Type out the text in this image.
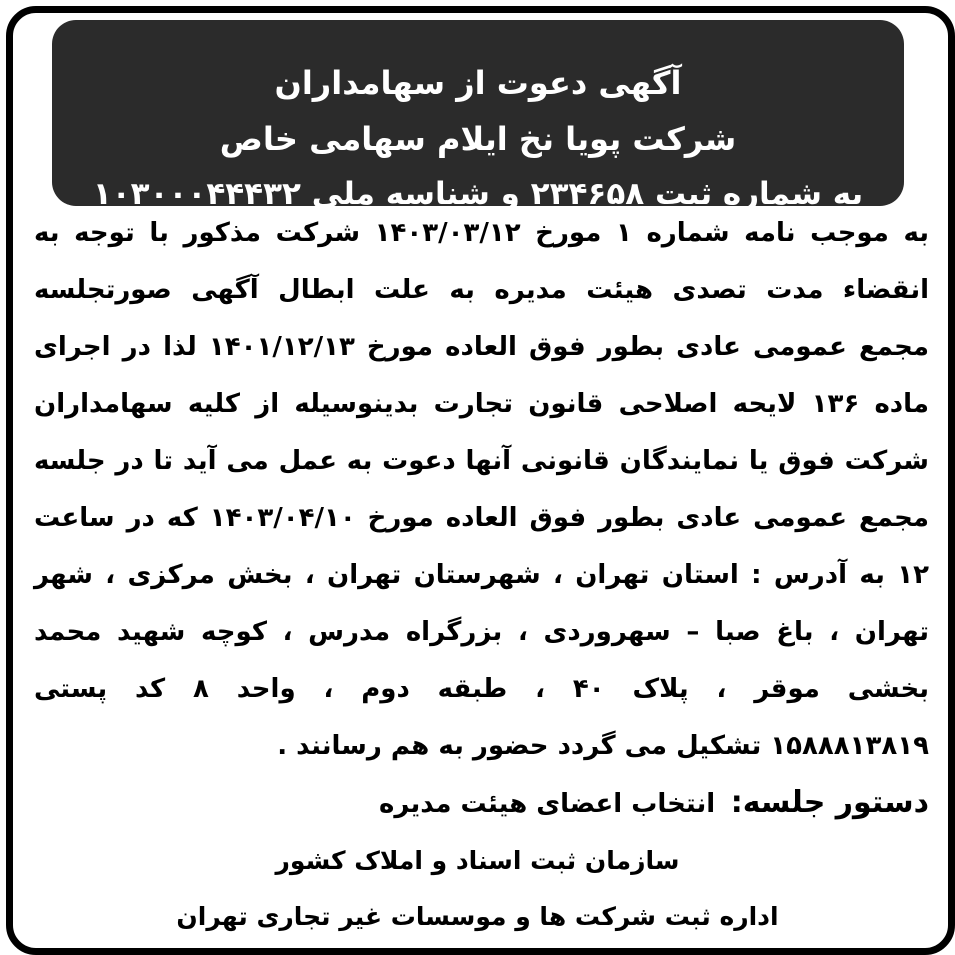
آگهی دعوت از سهامداران
شرکت پویا نخ ایلام سهامی خاص
به شماره ثبت ۲۳۴۶۵۸ و شناسه ملی ۱۰۳۰۰۰۴۴۴۳۲
به موجب نامه شماره ۱ مورخ ۱۴۰۳/۰۳/۱۲ شرکت مذکور با توجه به
انقضاء مدت تصدی هیئت مدیره به علت ابطال آگهی صورتجلسه
مجمع عمومی عادی بطور فوق العاده مورخ ۱۴۰۱/۱۲/۱۳ لذا در اجرای
ماده ۱۳۶ لایحه اصلاحی قانون تجارت بدینوسیله از کلیه سهامداران
شرکت فوق یا نمایندگان قانونی آنها دعوت به عمل می آید تا در جلسه
مجمع عمومی عادی بطور فوق العاده مورخ ۱۴۰۳/۰۴/۱۰ که در ساعت
۱۲ به آدرس : استان تهران ، شهرستان تهران ، بخش مرکزی ، شهر
تهران ، باغ صبا – سهروردی ، بزرگراه مدرس ، کوچه شهید محمد
بخشی موقر ، پلاک ۴۰ ، طبقه دوم ، واحد ۸ کد پستی
۱۵۸۸۸۱۳۸۱۹ تشکیل می گردد حضور به هم رسانند .
دستور جلسه: انتخاب اعضای هیئت مدیره
سازمان ثبت اسناد و املاک کشور
اداره ثبت شرکت ها و موسسات غیر تجاری تهران
